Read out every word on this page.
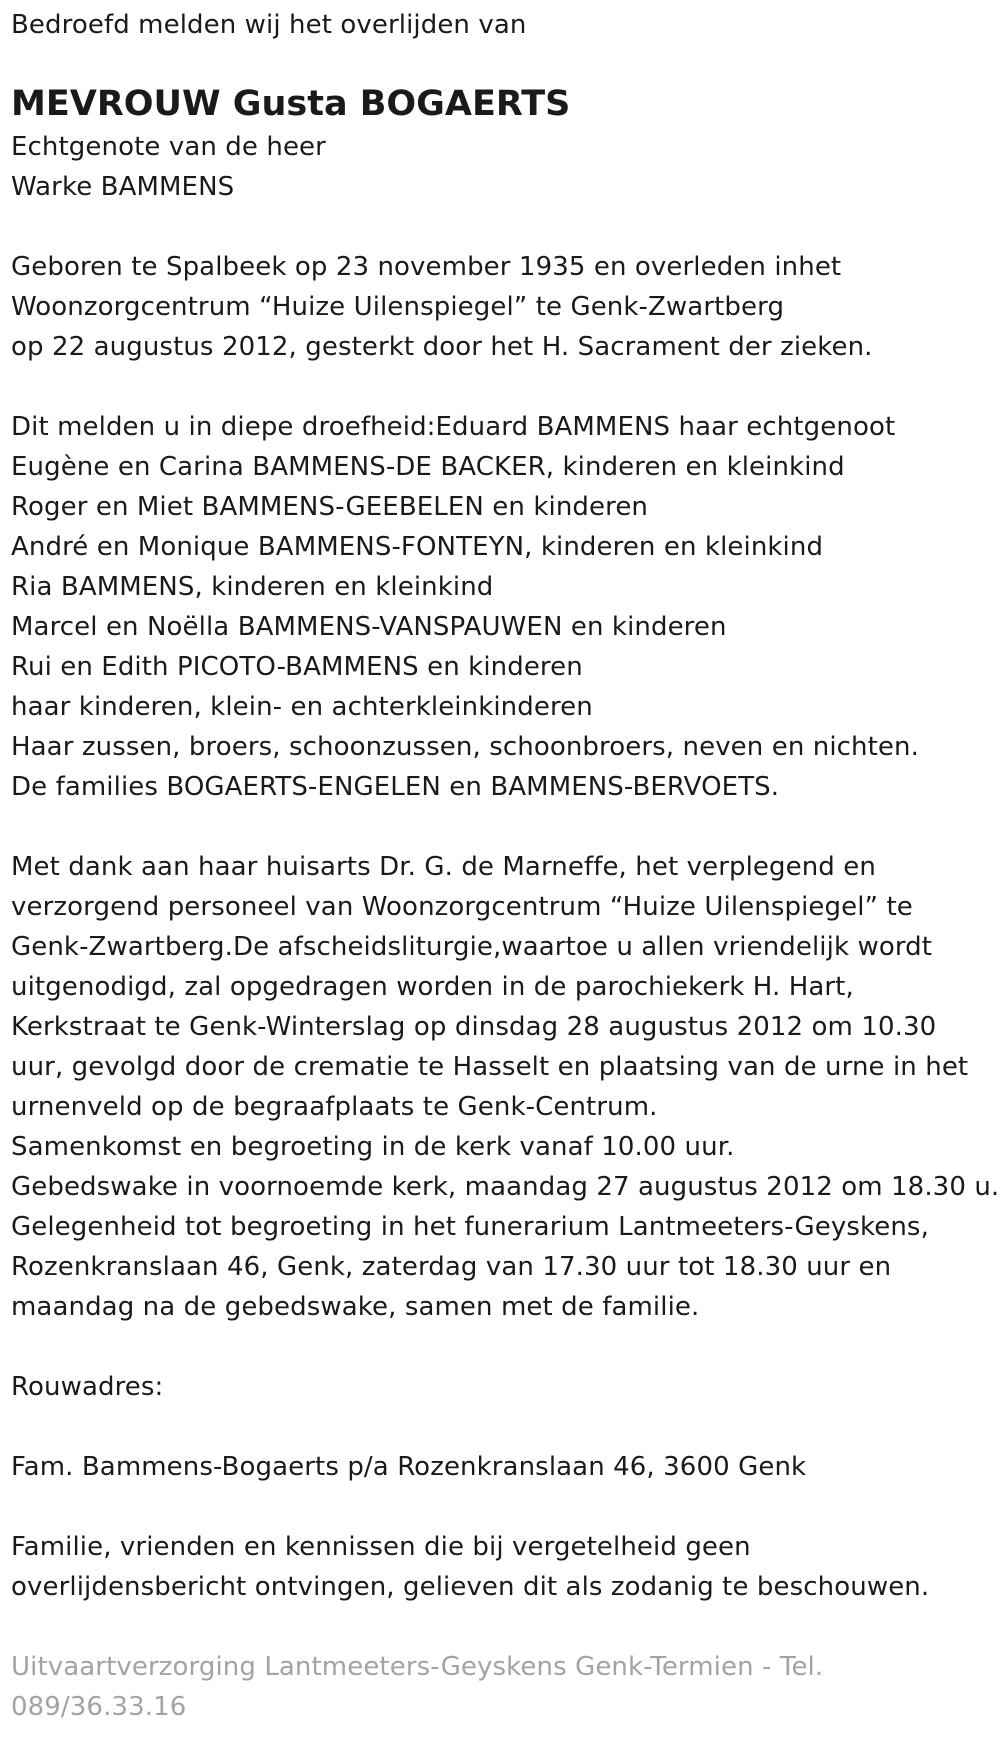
Bedroefd melden wij het overlijden van
MEVROUW Gusta BOGAERTS
Echtgenote van de heer
Warke BAMMENS
Geboren te Spalbeek op 23 november 1935 en overleden inhet
Woonzorgcentrum “Huize Uilenspiegel” te Genk-Zwartberg
op 22 augustus 2012, gesterkt door het H. Sacrament der zieken.
Dit melden u in diepe droefheid:Eduard BAMMENS haar echtgenoot
Eugène en Carina BAMMENS-DE BACKER, kinderen en kleinkind
Roger en Miet BAMMENS-GEEBELEN en kinderen
André en Monique BAMMENS-FONTEYN, kinderen en kleinkind
Ria BAMMENS, kinderen en kleinkind
Marcel en Noëlla BAMMENS-VANSPAUWEN en kinderen
Rui en Edith PICOTO-BAMMENS en kinderen
haar kinderen, klein- en achterkleinkinderen
Haar zussen, broers, schoonzussen, schoonbroers, neven en nichten.
De families BOGAERTS-ENGELEN en BAMMENS-BERVOETS.
Met dank aan haar huisarts Dr. G. de Marneffe, het verplegend en
verzorgend personeel van Woonzorgcentrum “Huize Uilenspiegel” te
Genk-Zwartberg.De afscheidsliturgie,waartoe u allen vriendelijk wordt
uitgenodigd, zal opgedragen worden in de parochiekerk H. Hart,
Kerkstraat te Genk-Winterslag op dinsdag 28 augustus 2012 om 10.30
uur, gevolgd door de crematie te Hasselt en plaatsing van de urne in het
urnenveld op de begraafplaats te Genk-Centrum.
Samenkomst en begroeting in de kerk vanaf 10.00 uur.
Gebedswake in voornoemde kerk, maandag 27 augustus 2012 om 18.30 u.
Gelegenheid tot begroeting in het funerarium Lantmeeters-Geyskens,
Rozenkranslaan 46, Genk, zaterdag van 17.30 uur tot 18.30 uur en
maandag na de gebedswake, samen met de familie.
Rouwadres:
Fam. Bammens-Bogaerts p/a Rozenkranslaan 46, 3600 Genk
Familie, vrienden en kennissen die bij vergetelheid geen
overlijdensbericht ontvingen, gelieven dit als zodanig te beschouwen.
Uitvaartverzorging Lantmeeters-Geyskens Genk-Termien - Tel.
089/36.33.16
